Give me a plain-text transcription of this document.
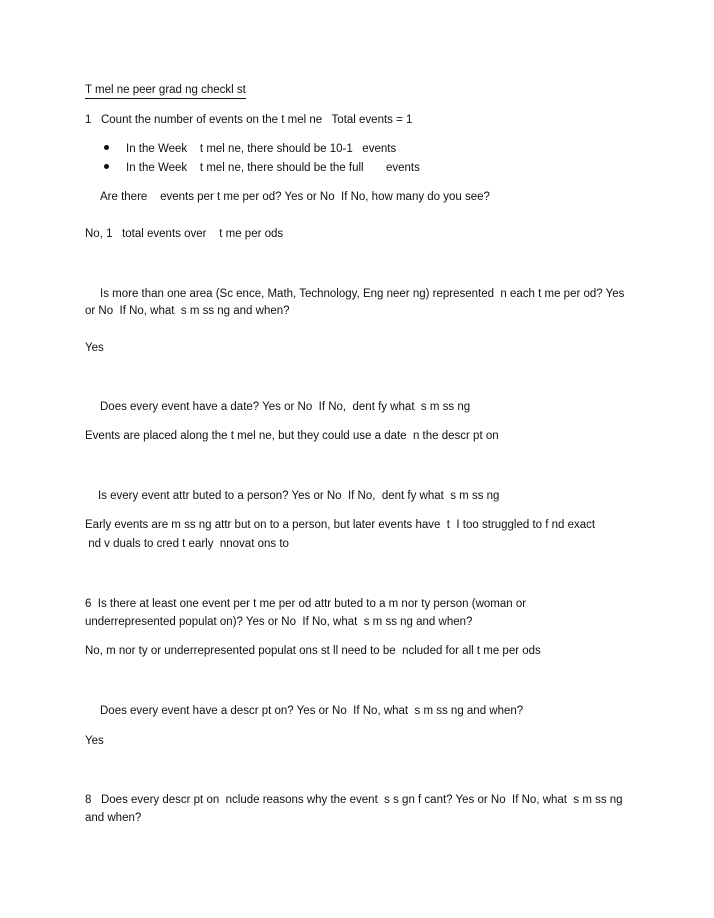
T mel ne peer grad ng checkl st
1   Count the number of events on the t mel ne   Total events = 1
In the Week    t mel ne, there should be 10-1   events
In the Week    t mel ne, there should be the full       events
Are there    events per t me per od? Yes or No  If No, how many do you see?
No, 1   total events over    t me per ods
Is more than one area (Sc ence, Math, Technology, Eng neer ng) represented  n each t me per od? Yes
or No  If No, what  s m ss ng and when?
Yes
Does every event have a date? Yes or No  If No,  dent fy what  s m ss ng
Events are placed along the t mel ne, but they could use a date  n the descr pt on
Is every event attr buted to a person? Yes or No  If No,  dent fy what  s m ss ng
Early events are m ss ng attr but on to a person, but later events have  t  I too struggled to f nd exact
nd v duals to cred t early  nnovat ons to
6  Is there at least one event per t me per od attr buted to a m nor ty person (woman or
underrepresented populat on)? Yes or No  If No, what  s m ss ng and when?
No, m nor ty or underrepresented populat ons st ll need to be  ncluded for all t me per ods
Does every event have a descr pt on? Yes or No  If No, what  s m ss ng and when?
Yes
8   Does every descr pt on  nclude reasons why the event  s s gn f cant? Yes or No  If No, what  s m ss ng
and when?
